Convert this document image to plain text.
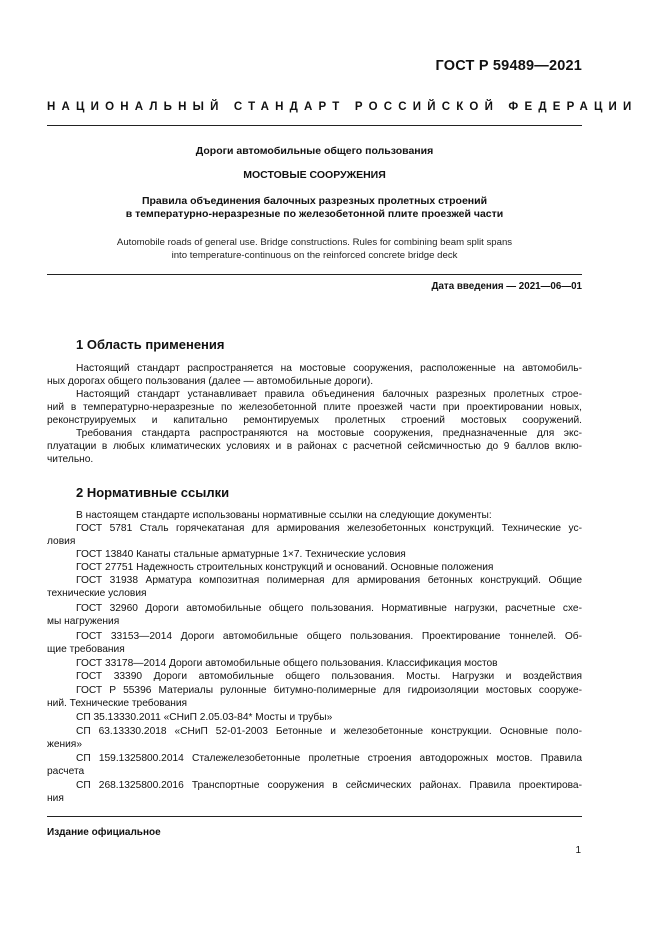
ГОСТ Р 59489—2021
НАЦИОНАЛЬНЫЙ СТАНДАРТ РОССИЙСКОЙ ФЕДЕРАЦИИ
Дороги автомобильные общего пользования
МОСТОВЫЕ СООРУЖЕНИЯ
Правила объединения балочных разрезных пролетных строений
в температурно-неразрезные по железобетонной плите проезжей части
Automobile roads of general use. Bridge constructions. Rules for combining beam split spans
into temperature-continuous on the reinforced concrete bridge deck
Дата введения — 2021—06—01
1 Область применения
Настоящий стандарт распространяется на мостовые сооружения, расположенные на автомобиль-
ных дорогах общего пользования (далее — автомобильные дороги).
Настоящий стандарт устанавливает правила объединения балочных разрезных пролетных строе-
ний в температурно-неразрезные по железобетонной плите проезжей части при проектировании новых,
реконструируемых и капитально ремонтируемых пролетных строений мостовых сооружений.
Требования стандарта распространяются на мостовые сооружения, предназначенные для экс-
плуатации в любых климатических условиях и в районах с расчетной сейсмичностью до 9 баллов вклю-
чительно.
2 Нормативные ссылки
В настоящем стандарте использованы нормативные ссылки на следующие документы:
ГОСТ 5781 Сталь горячекатаная для армирования железобетонных конструкций. Технические ус-
ловия
ГОСТ 13840 Канаты стальные арматурные 1×7. Технические условия
ГОСТ 27751 Надежность строительных конструкций и оснований. Основные положения
ГОСТ 31938 Арматура композитная полимерная для армирования бетонных конструкций. Общие
технические условия
ГОСТ 32960 Дороги автомобильные общего пользования. Нормативные нагрузки, расчетные схе-
мы нагружения
ГОСТ 33153—2014 Дороги автомобильные общего пользования. Проектирование тоннелей. Об-
щие требования
ГОСТ 33178—2014 Дороги автомобильные общего пользования. Классификация мостов
ГОСТ 33390 Дороги автомобильные общего пользования. Мосты. Нагрузки и воздействия
ГОСТ Р 55396 Материалы рулонные битумно-полимерные для гидроизоляции мостовых сооруже-
ний. Технические требования
СП 35.13330.2011 «СНиП 2.05.03-84* Мосты и трубы»
СП 63.13330.2018 «СНиП 52-01-2003 Бетонные и железобетонные конструкции. Основные поло-
жения»
СП 159.1325800.2014 Сталежелезобетонные пролетные строения автодорожных мостов. Правила
расчета
СП 268.1325800.2016 Транспортные сооружения в сейсмических районах. Правила проектирова-
ния
Издание официальное
1
